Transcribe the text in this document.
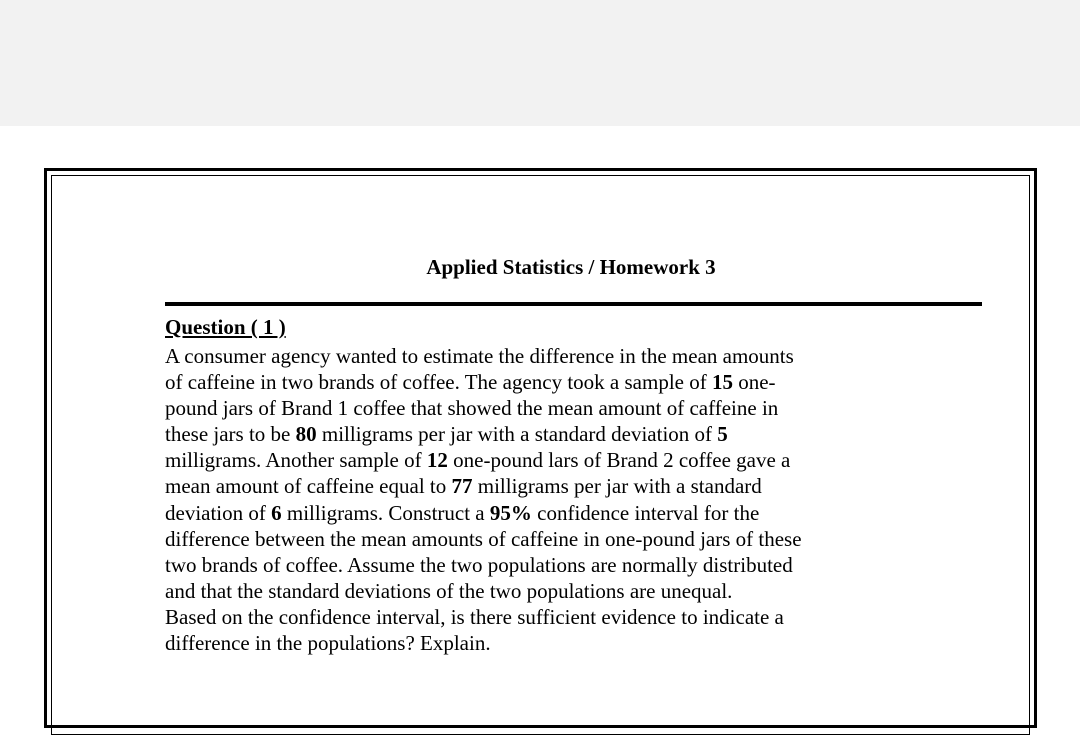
Applied Statistics / Homework 3
Question ( 1 )
A consumer agency wanted to estimate the difference in the mean amounts
of caffeine in two brands of coffee. The agency took a sample of 15 one-
pound jars of Brand 1 coffee that showed the mean amount of caffeine in
these jars to be 80 milligrams per jar with a standard deviation of 5
milligrams. Another sample of 12 one-pound lars of Brand 2 coffee gave a
mean amount of caffeine equal to 77 milligrams per jar with a standard
deviation of 6 milligrams. Construct a 95% confidence interval for the
difference between the mean amounts of caffeine in one-pound jars of these
two brands of coffee. Assume the two populations are normally distributed
and that the standard deviations of the two populations are unequal.
Based on the confidence interval, is there sufficient evidence to indicate a
difference in the populations? Explain.
